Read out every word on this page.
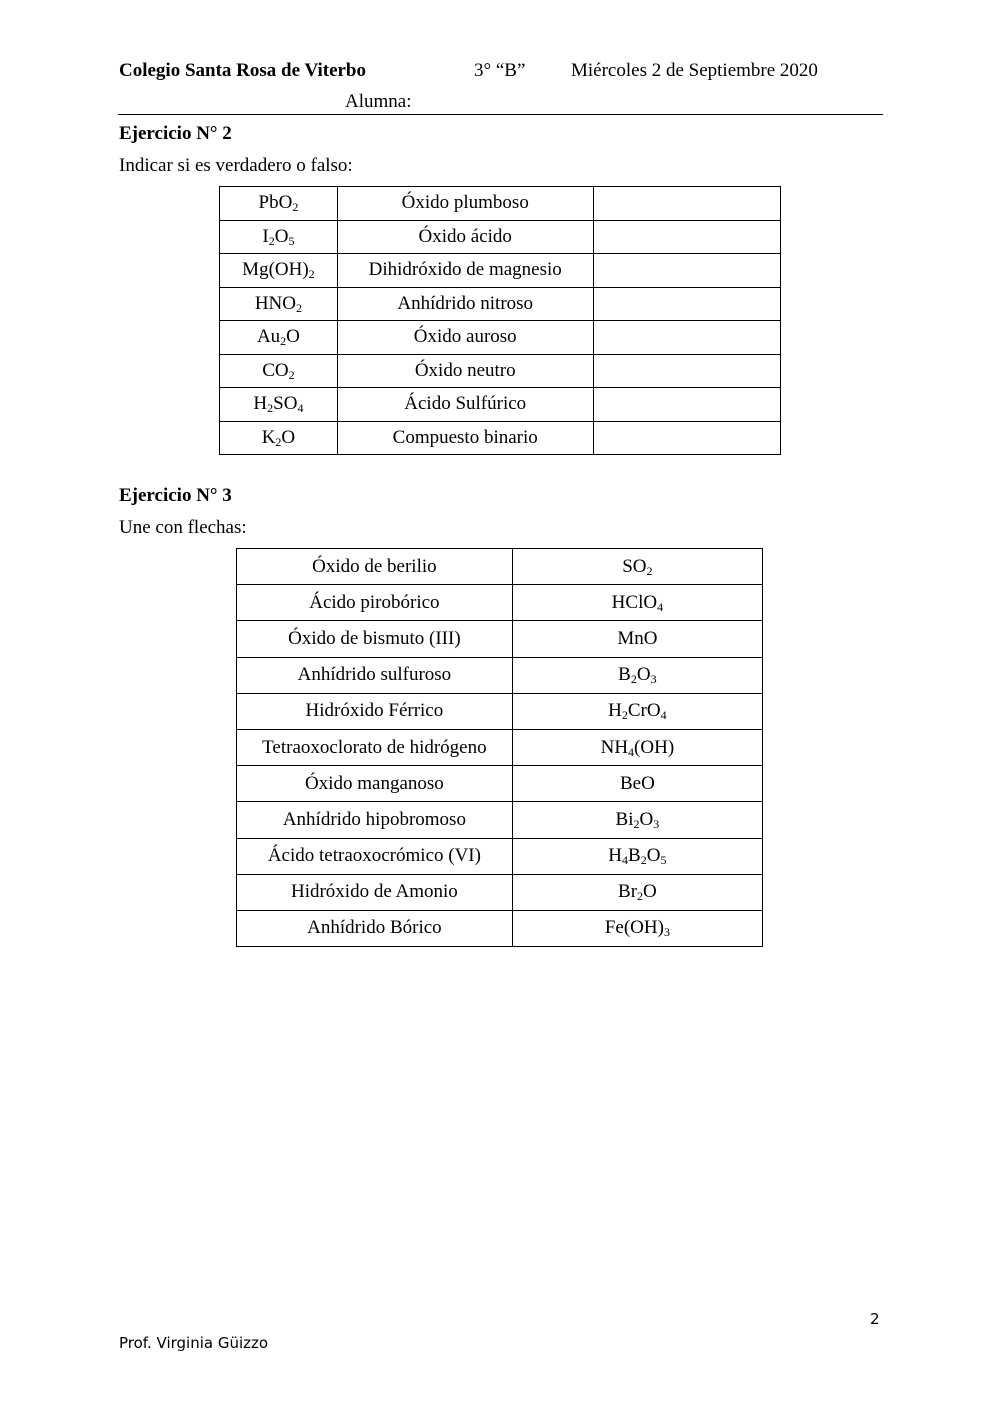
Colegio Santa Rosa de Viterbo	3° “B” Miércoles 2 de Septiembre 2020
Alumna:
Ejercicio N° 2
Indicar si es verdadero o falso:
PbO$_2$	Óxido plumboso	
$I_2O_5$	Óxido ácido	
$Mg(OH)_2$	Dihidróxido de magnesio	
$HNO_2$	Anhídrido nitroso	
$Au_2O$	Óxido auroso	
$CO_2$	Óxido neutro	
$H_2SO_4$	Ácido Sulfúrico	
$K_2O$	Compuesto binario	
Ejercicio N° 3
Une con flechas:
Óxido de berilio	$SO_2$
Ácido pirobórico	HClO$_4$
Óxido de bismuto (III)	MnO
Anhídrido sulfuroso	$B_2O_3$
Hidróxido Férrico	$H_2CrO_4$
Tetraoxoclorato de hidrógeno	$NH_4(OH)$
Óxido manganoso	BeO
Anhídrido hipobromoso	$Bi_2O_3$
Ácido tetraoxocrómico (VI)	$H_4B_2O_5$
Hidróxido de Amonio	$Br_2O$
Anhídrido Bórico	$Fe(OH)_3$
2
Prof. Virginia Güizzo
